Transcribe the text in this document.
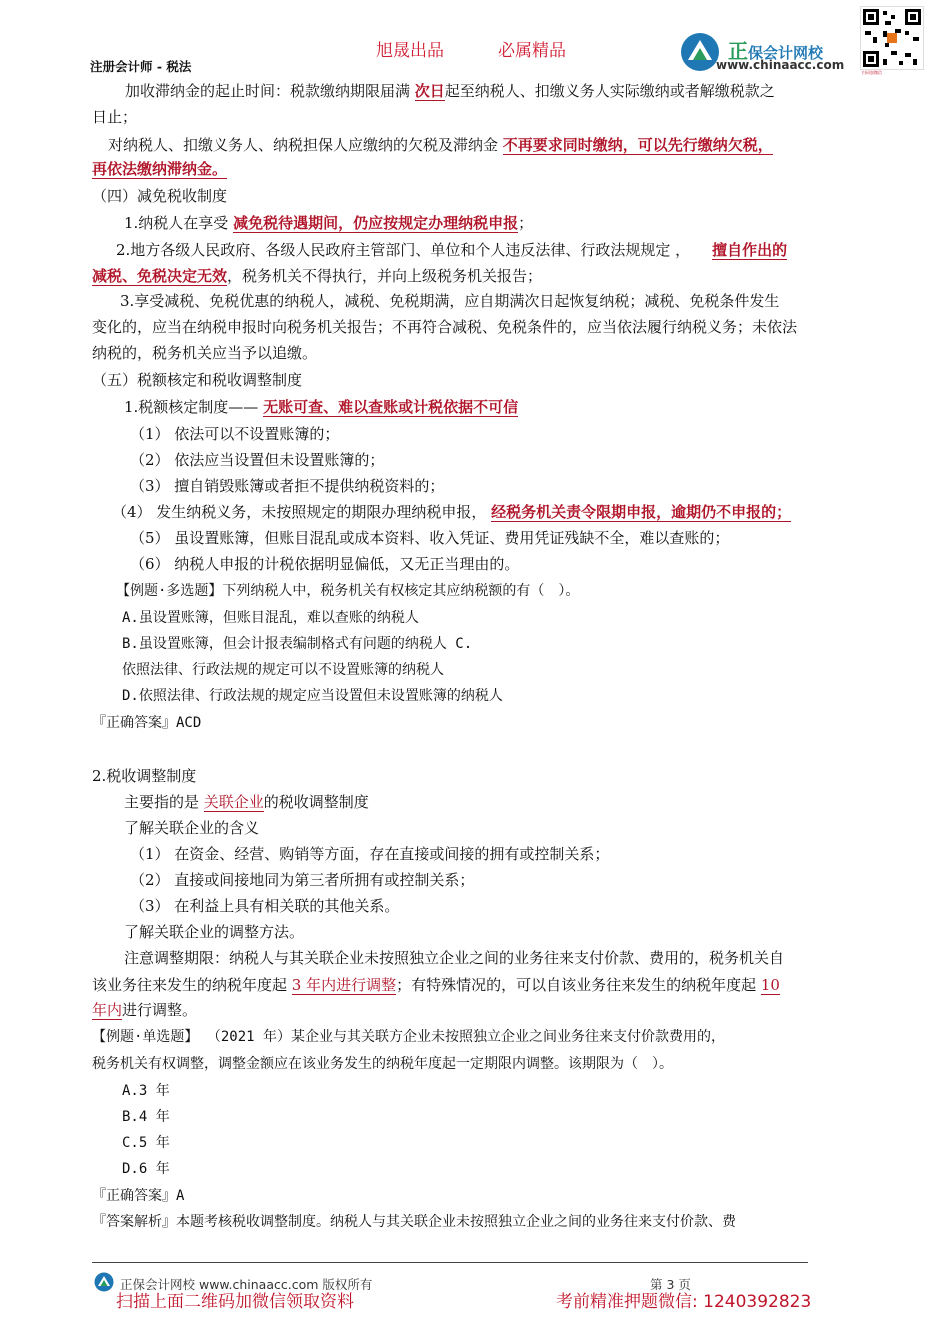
旭晟出品	必属精品
注册会计师 - 税法
正保会计网校
www.chinaacc.com
扫码加微信
加收滞纳金的起止时间：税款缴纳期限届满 次日起至纳税人、扣缴义务人实际缴纳或者解缴税款之
日止；
对纳税人、扣缴义务人、纳税担保人应缴纳的欠税及滞纳金 不再要求同时缴纳，可以先行缴纳欠税，
再依法缴纳滞纳金。
（四）减免税收制度
1.纳税人在享受 减免税待遇期间，仍应按规定办理纳税申报；
2.地方各级人民政府、各级人民政府主管部门、单位和个人违反法律、行政法规规定 ， 擅自作出的
减税、免税决定无效，税务机关不得执行，并向上级税务机关报告；
3.享受减税、免税优惠的纳税人，减税、免税期满，应自期满次日起恢复纳税；减税、免税条件发生
变化的，应当在纳税申报时向税务机关报告；不再符合减税、免税条件的，应当依法履行纳税义务；未依法
纳税的，税务机关应当予以追缴。
（五）税额核定和税收调整制度
1.税额核定制度—— 无账可查、难以查账或计税依据不可信
（1） 依法可以不设置账簿的；
（2） 依法应当设置但未设置账簿的；
（3） 擅自销毁账簿或者拒不提供纳税资料的；
（4） 发生纳税义务，未按照规定的期限办理纳税申报， 经税务机关责令限期申报，逾期仍不申报的；
（5） 虽设置账簿，但账目混乱或成本资料、收入凭证、费用凭证残缺不全，难以查账的；
（6） 纳税人申报的计税依据明显偏低，又无正当理由的。
【例题·多选题】下列纳税人中，税务机关有权核定其应纳税额的有（　）。
A.虽设置账簿，但账目混乱，难以查账的纳税人
B.虽设置账簿，但会计报表编制格式有问题的纳税人 C.
依照法律、行政法规的规定可以不设置账簿的纳税人
D.依照法律、行政法规的规定应当设置但未设置账簿的纳税人
『正确答案』ACD
2.税收调整制度
主要指的是 关联企业的税收调整制度
了解关联企业的含义
（1） 在资金、经营、购销等方面，存在直接或间接的拥有或控制关系；
（2） 直接或间接地同为第三者所拥有或控制关系；
（3） 在利益上具有相关联的其他关系。
了解关联企业的调整方法。
注意调整期限：纳税人与其关联企业未按照独立企业之间的业务往来支付价款、费用的，税务机关自
该业务往来发生的纳税年度起 3 年内进行调整；有特殊情况的，可以自该业务往来发生的纳税年度起 10
年内进行调整。
【例题·单选题】 （2021 年）某企业与其关联方企业未按照独立企业之间业务往来支付价款费用的，
税务机关有权调整，调整金额应在该业务发生的纳税年度起一定期限内调整。该期限为（　）。
A.3 年
B.4 年
C.5 年
D.6 年
『正确答案』A
『答案解析』本题考核税收调整制度。纳税人与其关联企业未按照独立企业之间的业务往来支付价款、费
正保会计网校 www.chinaacc.com 版权所有	第 3 页
扫描上面二维码加微信领取资料	考前精准押题微信: 1240392823
